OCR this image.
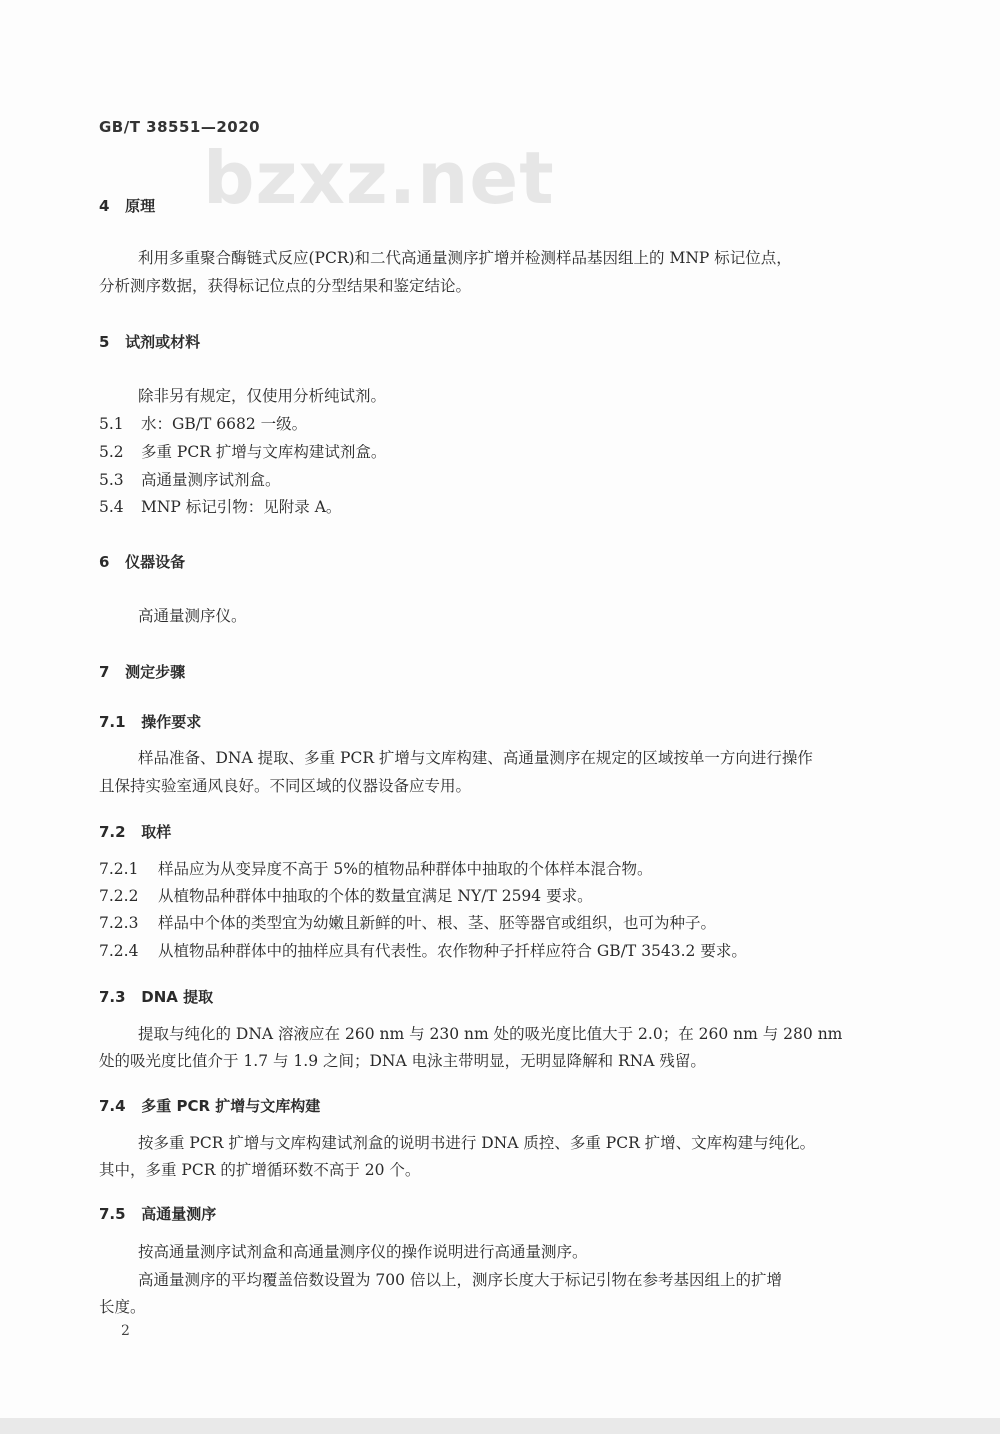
GB/T 38551—2020
bzxz.net
4 原理
利用多重聚合酶链式反应(PCR)和二代高通量测序扩增并检测样品基因组上的 MNP 标记位点，
分析测序数据，获得标记位点的分型结果和鉴定结论。
5 试剂或材料
除非另有规定，仅使用分析纯试剂。
5.1 水：GB/T 6682 一级。
5.2 多重 PCR 扩增与文库构建试剂盒。
5.3 高通量测序试剂盒。
5.4 MNP 标记引物：见附录 A。
6 仪器设备
高通量测序仪。
7 测定步骤
7.1 操作要求
样品准备、DNA 提取、多重 PCR 扩增与文库构建、高通量测序在规定的区域按单一方向进行操作
且保持实验室通风良好。不同区域的仪器设备应专用。
7.2 取样
7.2.1 样品应为从变异度不高于 5%的植物品种群体中抽取的个体样本混合物。
7.2.2 从植物品种群体中抽取的个体的数量宜满足 NY/T 2594 要求。
7.2.3 样品中个体的类型宜为幼嫩且新鲜的叶、根、茎、胚等器官或组织，也可为种子。
7.2.4 从植物品种群体中的抽样应具有代表性。农作物种子扦样应符合 GB/T 3543.2 要求。
7.3 DNA 提取
提取与纯化的 DNA 溶液应在 260 nm 与 230 nm 处的吸光度比值大于 2.0；在 260 nm 与 280 nm
处的吸光度比值介于 1.7 与 1.9 之间；DNA 电泳主带明显，无明显降解和 RNA 残留。
7.4 多重 PCR 扩增与文库构建
按多重 PCR 扩增与文库构建试剂盒的说明书进行 DNA 质控、多重 PCR 扩增、文库构建与纯化。
其中，多重 PCR 的扩增循环数不高于 20 个。
7.5 高通量测序
按高通量测序试剂盒和高通量测序仪的操作说明进行高通量测序。
高通量测序的平均覆盖倍数设置为 700 倍以上，测序长度大于标记引物在参考基因组上的扩增
长度。
2
